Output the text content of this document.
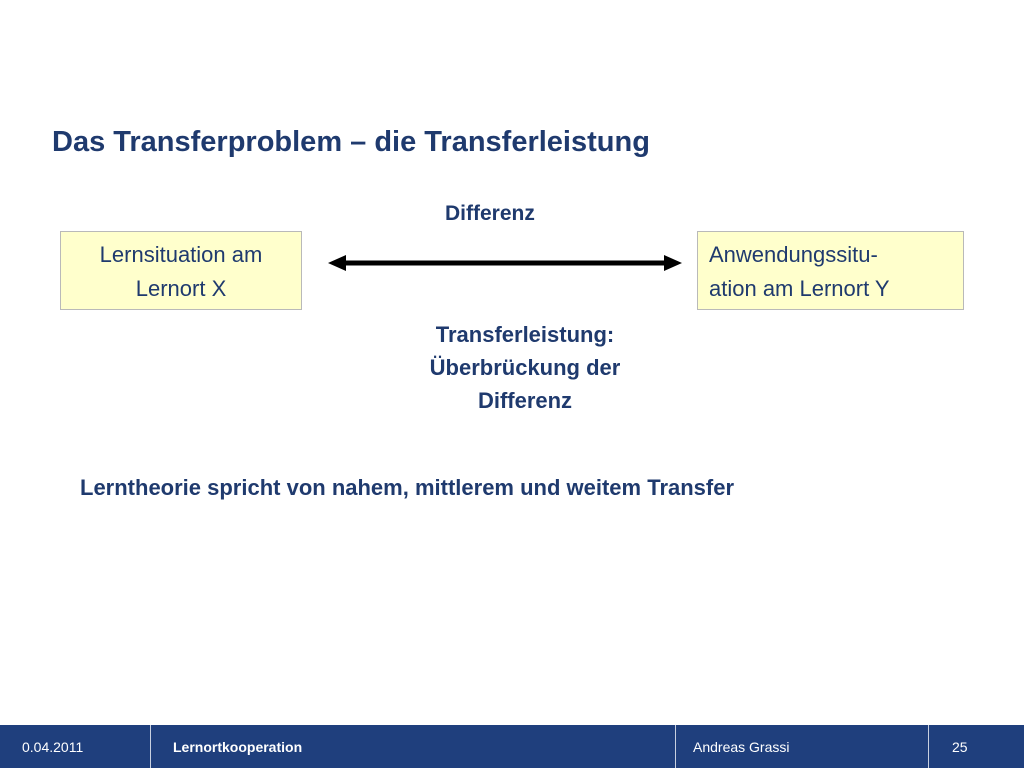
Das Transferproblem – die Transferleistung
Differenz
Lernsituation am
Lernort X
Anwendungssitu-
ation am Lernort Y
Transferleistung:
Überbrückung der
Differenz
Lerntheorie spricht von nahem, mittlerem und weitem Transfer
0.04.2011	Lernortkooperation	Andreas Grassi	25
